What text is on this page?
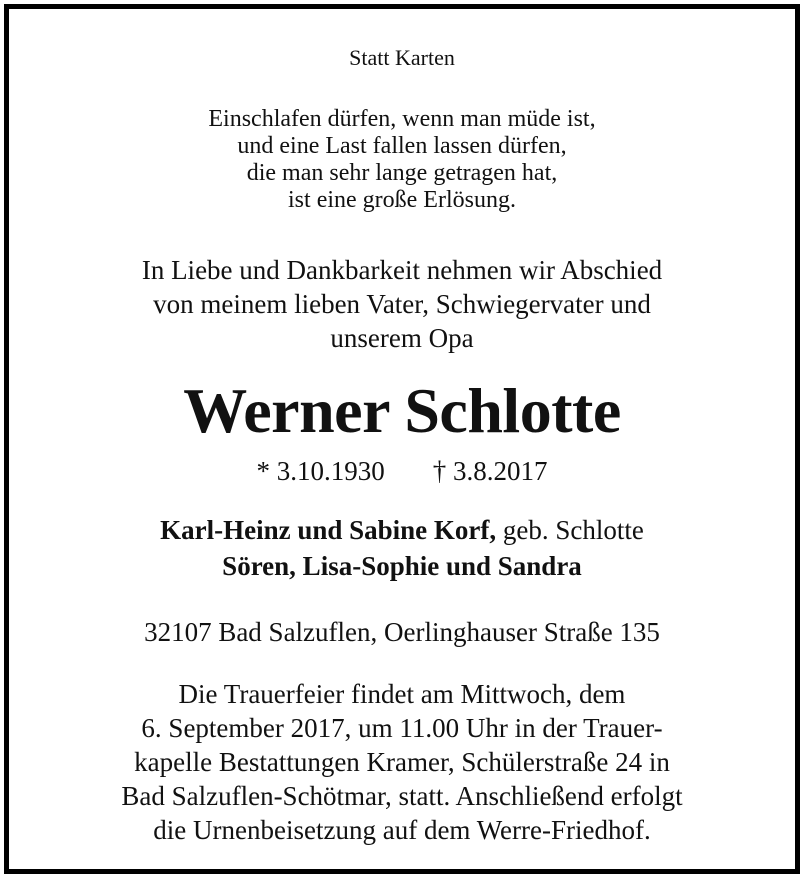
Statt Karten
Einschlafen dürfen, wenn man müde ist,
und eine Last fallen lassen dürfen,
die man sehr lange getragen hat,
ist eine große Erlösung.
In Liebe und Dankbarkeit nehmen wir Abschied
von meinem lieben Vater, Schwiegervater und
unserem Opa
Werner Schlotte
* 3.10.1930 † 3.8.2017
Karl-Heinz und Sabine Korf, geb. Schlotte
Sören, Lisa-Sophie und Sandra
32107 Bad Salzuflen, Oerlinghauser Straße 135
Die Trauerfeier findet am Mittwoch, dem
6. September 2017, um 11.00 Uhr in der Trauer-
kapelle Bestattungen Kramer, Schülerstraße 24 in
Bad Salzuflen-Schötmar, statt. Anschließend erfolgt
die Urnenbeisetzung auf dem Werre-Friedhof.
